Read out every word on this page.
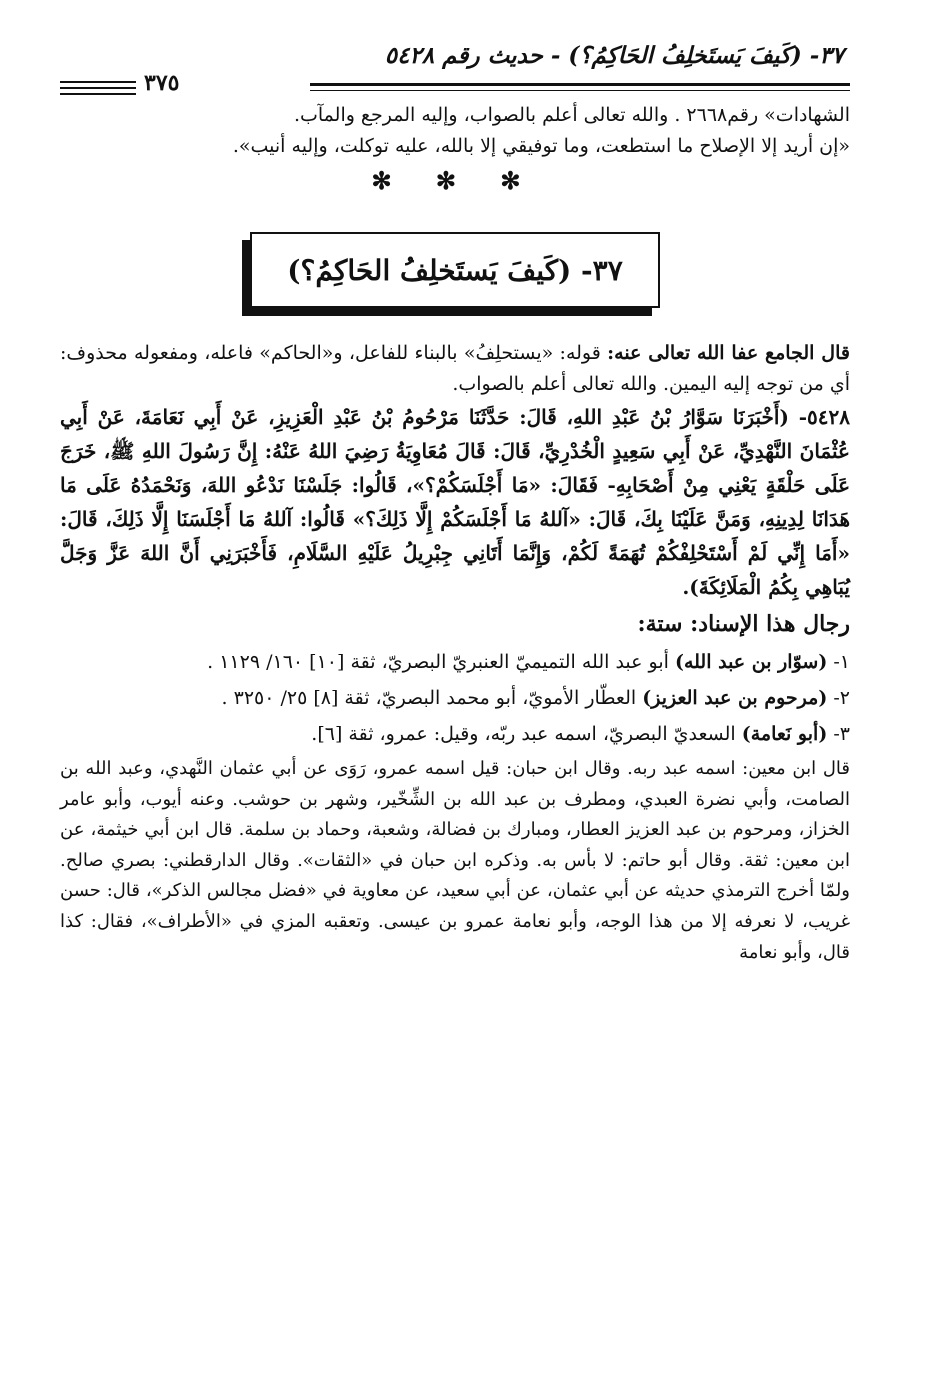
٣٧- (كَيفَ يَستَخلِفُ الحَاكِمُ؟) - حديث رقم ٥٤٢٨
٣٧٥

الشهادات» رقم٢٦٦٨ . والله تعالى أعلم بالصواب، وإليه المرجع والمآب.

«إن أريد إلا الإصلاح ما استطعت، وما توفيقي إلا بالله، عليه توكلت، وإليه أنيب».

✻ ✻ ✻
٣٧- (كَيفَ يَستَخلِفُ الحَاكِمُ؟)

قال الجامع عفا الله تعالى عنه: قوله: «يستحلِفُ» بالبناء للفاعل، و«الحاكم» فاعله، ومفعوله محذوف: أي من توجه إليه اليمين. والله تعالى أعلم بالصواب.

٥٤٢٨- (أَخْبَرَنَا سَوَّارُ بْنُ عَبْدِ اللهِ، قَالَ: حَدَّثَنَا مَرْحُومُ بْنُ عَبْدِ الْعَزِيزِ، عَنْ أَبِي نَعَامَةَ، عَنْ أَبِي عُثْمَانَ النَّهْدِيِّ، عَنْ أَبِي سَعِيدٍ الْخُدْرِيِّ، قَالَ: قَالَ مُعَاوِيَةُ رَضِيَ اللهُ عَنْهُ: إِنَّ رَسُولَ اللهِ ﷺ، خَرَجَ عَلَى حَلْقَةٍ يَعْنِي مِنْ أَصْحَابِهِ- فَقَالَ: «مَا أَجْلَسَكُمْ؟»، قَالُوا: جَلَسْنَا نَدْعُو اللهَ، وَنَحْمَدُهُ عَلَى مَا هَدَانَا لِدِينِهِ، وَمَنَّ عَلَيْنَا بِكَ، قَالَ: «آللهُ مَا أَجْلَسَكُمْ إِلَّا ذَلِكَ؟» قَالُوا: آللهُ مَا أَجْلَسَنَا إِلَّا ذَلِكَ، قَالَ: «أَمَا إِنِّي لَمْ أَسْتَحْلِفْكُمْ تُهَمَةً لَكُمْ، وَإِنَّمَا أَتَانِي جِبْرِيلُ عَلَيْهِ السَّلَامِ، فَأَخْبَرَنِي أَنَّ اللهَ عَزَّ وَجَلَّ يُبَاهِي بِكُمُ الْمَلَائِكَةَ).

رجال هذا الإسناد: ستة:

١- (سوّار بن عبد الله) أبو عبد الله التميميّ العنبريّ البصريّ، ثقة [١٠] ١٦٠/ ١١٢٩ .

٢- (مرحوم بن عبد العزيز) العطّار الأمويّ، أبو محمد البصريّ، ثقة [٨] ٢٥/ ٣٢٥٠ .

٣- (أبو نَعامة) السعديّ البصريّ، اسمه عبد ربّه، وقيل: عمرو، ثقة [٦].

قال ابن معين: اسمه عبد ربه. وقال ابن حبان: قيل اسمه عمرو، رَوَى عن أبي عثمان النَّهدي، وعبد الله بن الصامت، وأبي نضرة العبدي، ومطرف بن عبد الله بن الشِّخّير، وشهر بن حوشب. وعنه أيوب، وأبو عامر الخزاز، ومرحوم بن عبد العزيز العطار، ومبارك بن فضالة، وشعبة، وحماد بن سلمة. قال ابن أبي خيثمة، عن ابن معين: ثقة. وقال أبو حاتم: لا بأس به. وذكره ابن حبان في «الثقات». وقال الدارقطني: بصري صالح. ولمّا أخرج الترمذي حديثه عن أبي عثمان، عن أبي سعيد، عن معاوية في «فضل مجالس الذكر»، قال: حسن غريب، لا نعرفه إلا من هذا الوجه، وأبو نعامة عمرو بن عيسى. وتعقبه المزي في «الأطراف»، فقال: كذا قال، وأبو نعامة
